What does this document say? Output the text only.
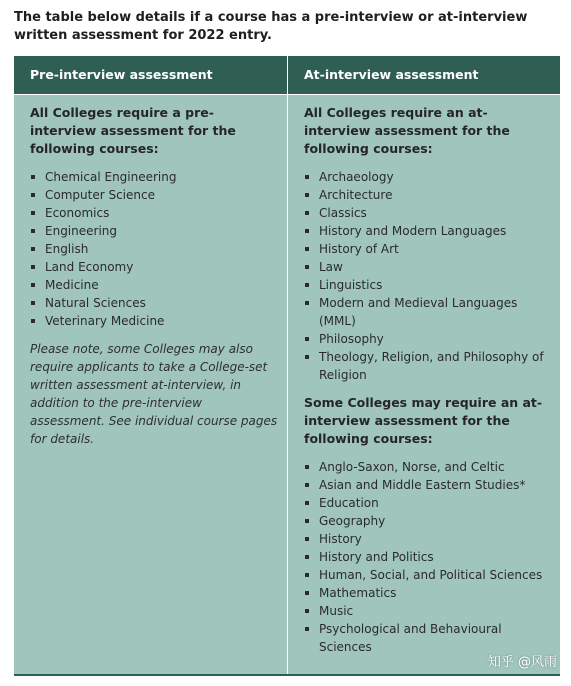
The table below details if a course has a pre-interview or at-interview written assessment for 2022 entry.
Pre-interview assessment	At-interview assessment

All Colleges require a pre-interview assessment for the following courses:

Chemical Engineering
Computer Science
Economics
Engineering
English
Land Economy
Medicine
Natural Sciences
Veterinary Medicine

Please note, some Colleges may also require applicants to take a College-set written assessment at-interview, in addition to the pre-interview assessment. See individual course pages for details.

All Colleges require an at-interview assessment for the following courses:

Archaeology
Architecture
Classics
History and Modern Languages
History of Art
Law
Linguistics
Modern and Medieval Languages (MML)
Philosophy
Theology, Religion, and Philosophy of Religion

Some Colleges may require an at-interview assessment for the following courses:

Anglo-Saxon, Norse, and Celtic
Asian and Middle Eastern Studies*
Education
Geography
History
History and Politics
Human, Social, and Political Sciences
Mathematics
Music
Psychological and Behavioural Sciences
知乎 @风雨
